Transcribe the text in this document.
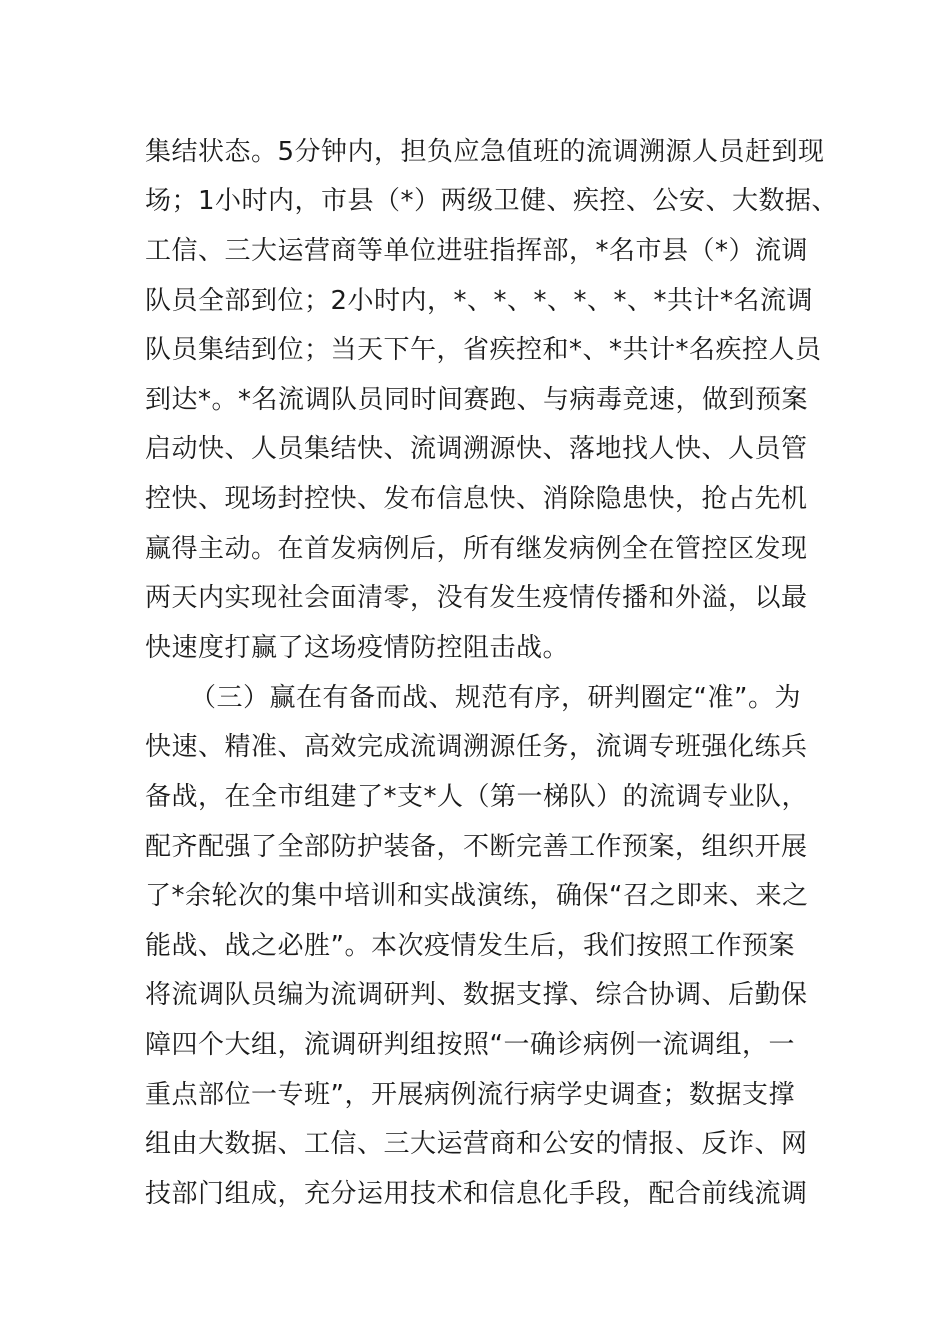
集结状态。5分钟内，担负应急值班的流调溯源人员赶到现
场；1小时内，市县（*）两级卫健、疾控、公安、大数据、
工信、三大运营商等单位进驻指挥部，*名市县（*）流调
队员全部到位；2小时内，*、*、*、*、*、*共计*名流调
队员集结到位；当天下午，省疾控和*、*共计*名疾控人员
到达*。*名流调队员同时间赛跑、与病毒竞速，做到预案
启动快、人员集结快、流调溯源快、落地找人快、人员管
控快、现场封控快、发布信息快、消除隐患快，抢占先机
赢得主动。在首发病例后，所有继发病例全在管控区发现
两天内实现社会面清零，没有发生疫情传播和外溢，以最
快速度打赢了这场疫情防控阻击战。
（三）赢在有备而战、规范有序，研判圈定“准”。为
快速、精准、高效完成流调溯源任务，流调专班强化练兵
备战，在全市组建了*支*人（第一梯队）的流调专业队，
配齐配强了全部防护装备，不断完善工作预案，组织开展
了*余轮次的集中培训和实战演练，确保“召之即来、来之
能战、战之必胜”。本次疫情发生后，我们按照工作预案
将流调队员编为流调研判、数据支撑、综合协调、后勤保
障四个大组，流调研判组按照“一确诊病例一流调组，一
重点部位一专班”，开展病例流行病学史调查；数据支撑
组由大数据、工信、三大运营商和公安的情报、反诈、网
技部门组成，充分运用技术和信息化手段，配合前线流调
